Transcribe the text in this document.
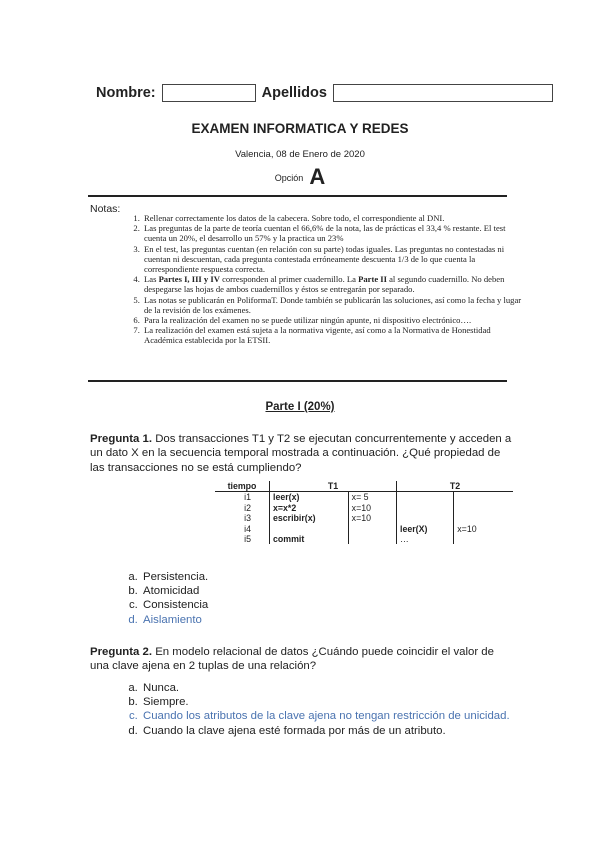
Nombre:	Apellidos
EXAMEN INFORMATICA Y REDES
Valencia, 08 de Enero de 2020
Opción A
Notas:
1. Rellenar correctamente los datos de la cabecera. Sobre todo, el correspondiente al DNI.
2. Las preguntas de la parte de teoría cuentan el 66,6% de la nota, las de prácticas el 33,4 % restante. El test cuenta un 20%, el desarrollo un 57% y la practica un 23%
3. En el test, las preguntas cuentan (en relación con su parte) todas iguales. Las preguntas no contestadas ni cuentan ni descuentan, cada pregunta contestada erróneamente descuenta 1/3 de lo que cuenta la correspondiente respuesta correcta.
4. Las Partes I, III y IV corresponden al primer cuadernillo. La Parte II al segundo cuadernillo. No deben despegarse las hojas de ambos cuadernillos y éstos se entregarán por separado.
5. Las notas se publicarán en PoliformaT. Donde también se publicarán las soluciones, así como la fecha y lugar de la revisión de los exámenes.
6. Para la realización del examen no se puede utilizar ningún apunte, ni dispositivo electrónico….
7. La realización del examen está sujeta a la normativa vigente, así como a la Normativa de Honestidad Académica establecida por la ETSII.
Parte I (20%)
Pregunta 1. Dos transacciones T1 y T2 se ejecutan concurrentemente y acceden a un dato X en la secuencia temporal mostrada a continuación. ¿Qué propiedad de las transacciones no se está cumpliendo?
tiempo	T1		T2	
i1	leer(x)	x= 5		
i2	x=x*2	x=10		
i3	escribir(x)	x=10		
i4			leer(X)	x=10
i5	commit		…	
a. Persistencia.
b. Atomicidad
c. Consistencia
d. Aislamiento
Pregunta 2. En modelo relacional de datos ¿Cuándo puede coincidir el valor de una clave ajena en 2 tuplas de una relación?
a. Nunca.
b. Siempre.
c. Cuando los atributos de la clave ajena no tengan restricción de unicidad.
d. Cuando la clave ajena esté formada por más de un atributo.
